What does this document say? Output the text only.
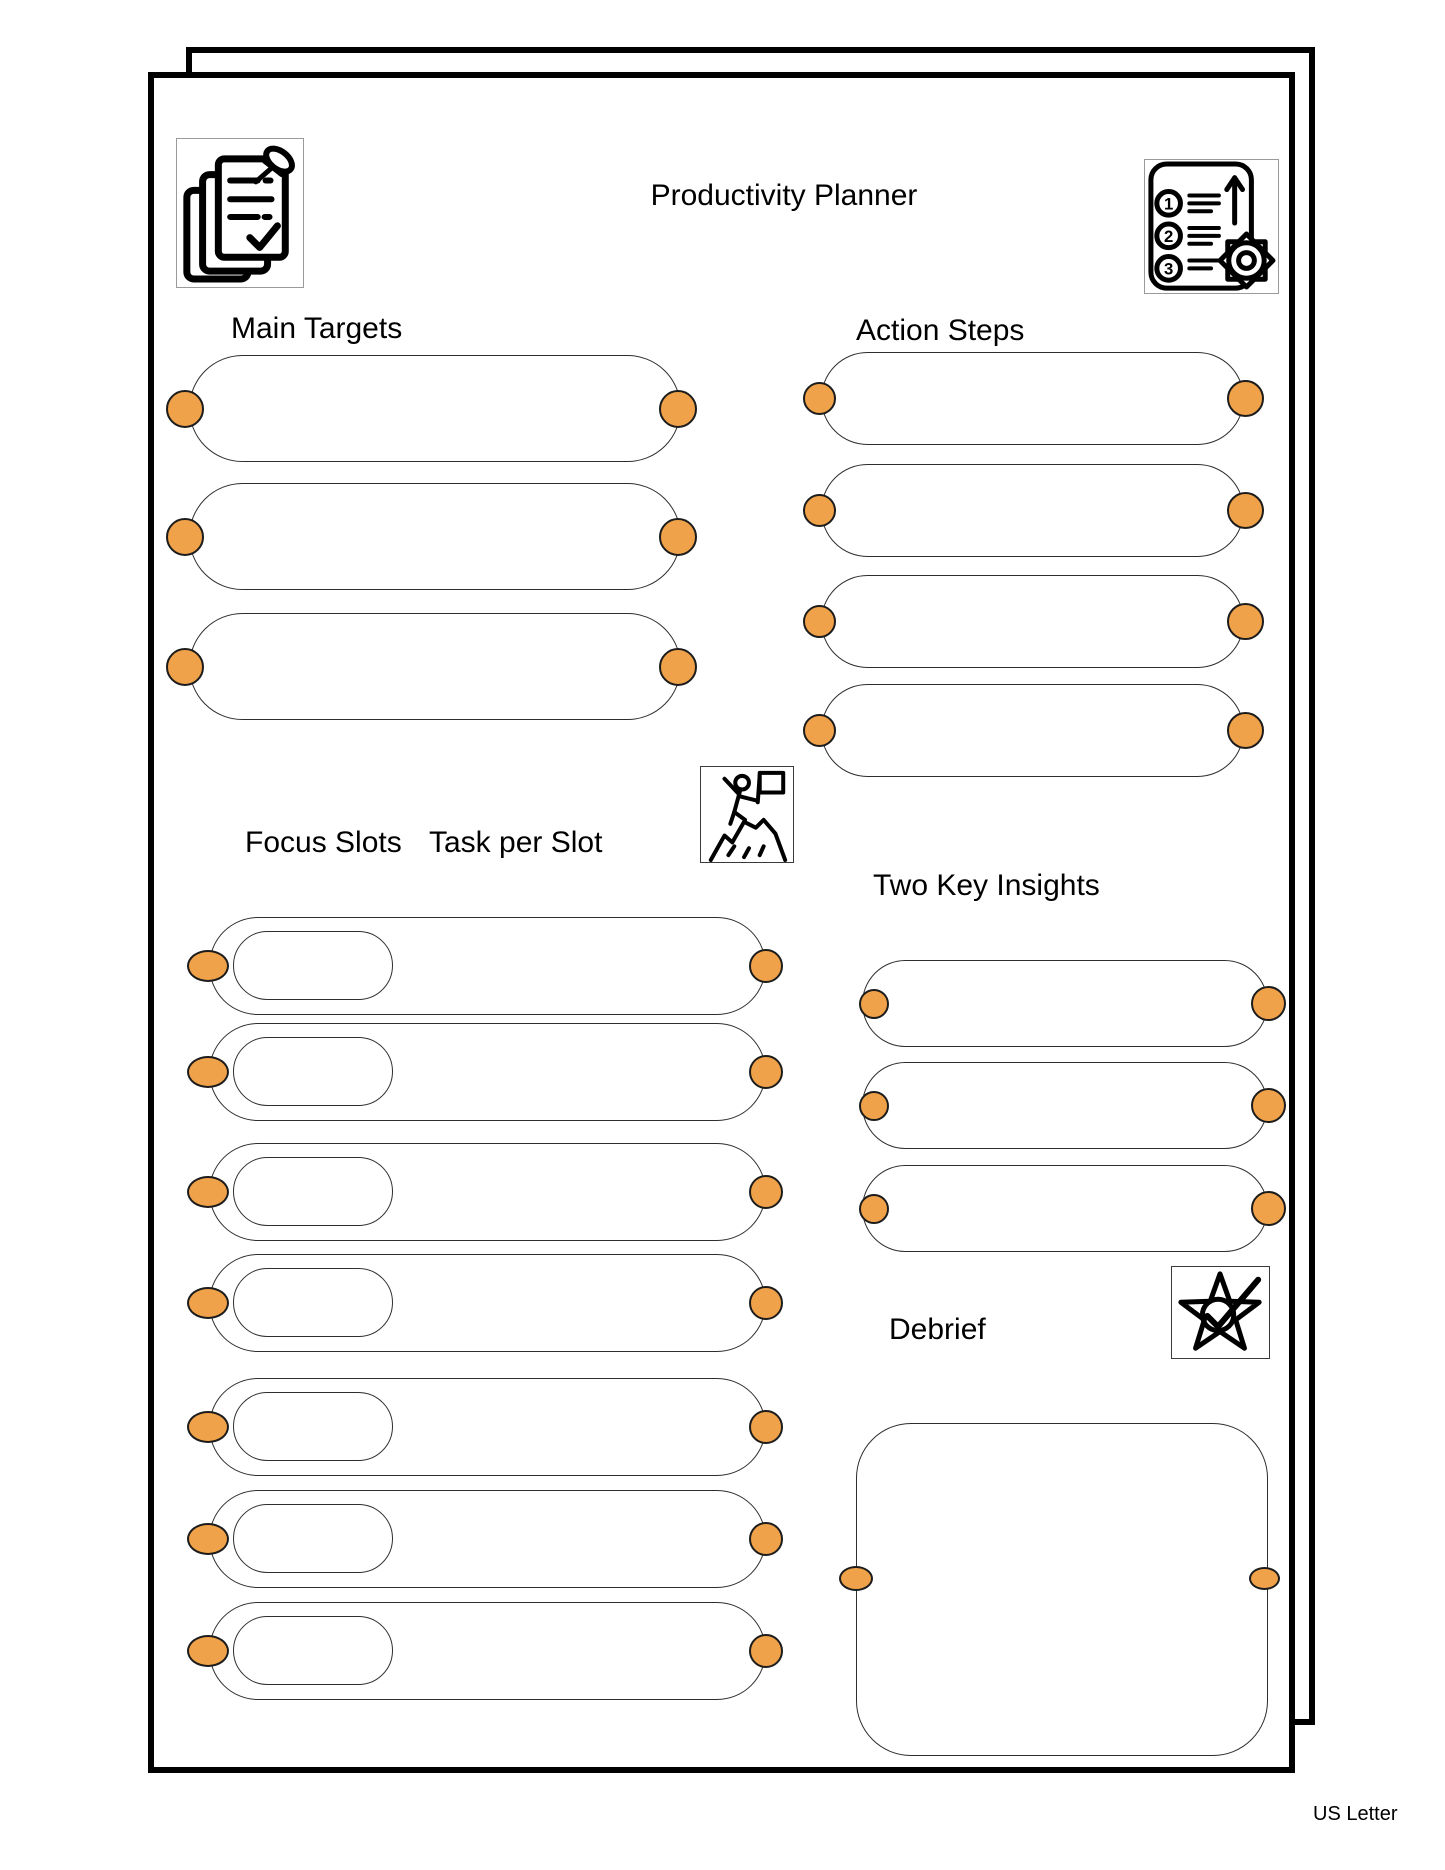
Productivity Planner	1
2
3
Main Targets	Action Steps
Focus Slots Task per Slot
Two Key Insights
Debrief
US Letter
